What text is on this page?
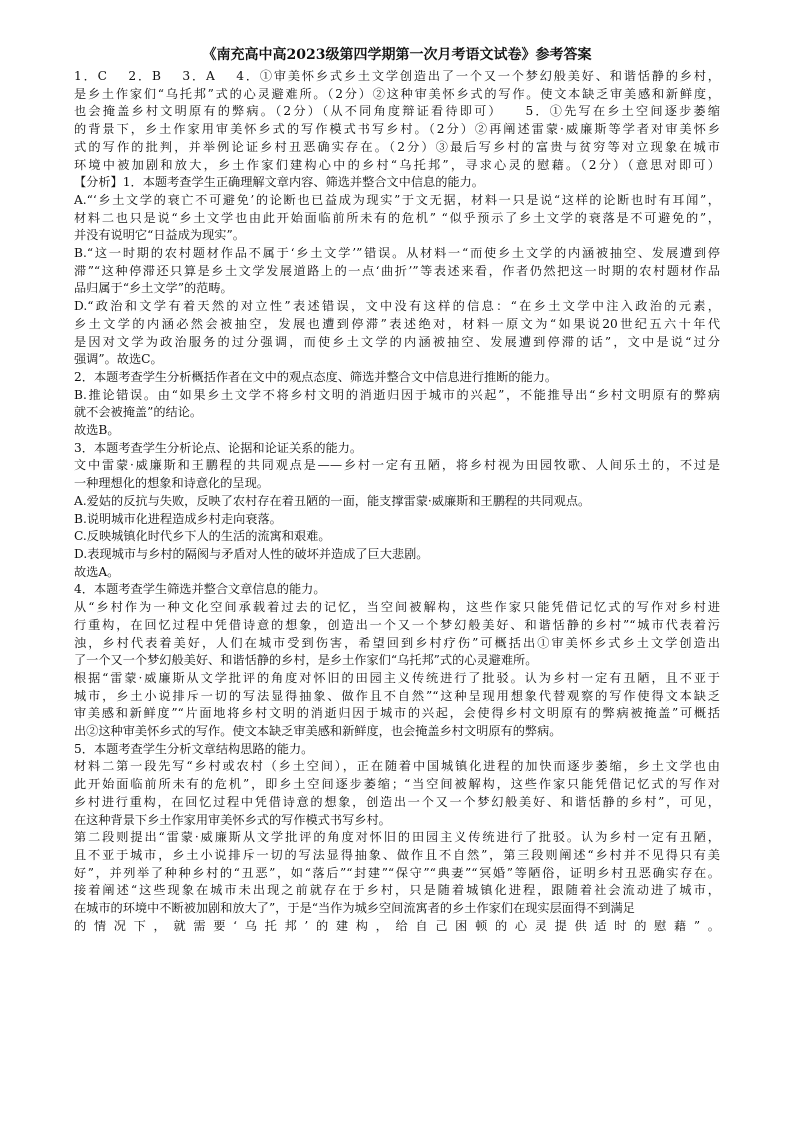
《南充高中高2023级第四学期第一次月考语文试卷》参考答案

1．C　 2．B　 3．A　 4．①审美怀乡式乡土文学创造出了一个又一个梦幻般美好、和谐恬静的乡村，

是乡土作家们“乌托邦”式的心灵避难所。（2分）②这种审美怀乡式的写作。使文本缺乏审美感和新鲜度，

也会掩盖乡村文明原有的弊病。（2分）（从不同角度辩证看待即可）　　5．①先写在乡土空间逐步萎缩

的背景下，乡土作家用审美怀乡式的写作模式书写乡村。（2分）②再阐述雷蒙·威廉斯等学者对审美怀乡

式的写作的批判，并举例论证乡村丑恶确实存在。（2分）③最后写乡村的富贵与贫穷等对立现象在城市

环境中被加剧和放大，乡土作家们建构心中的乡村“乌托邦”，寻求心灵的慰藉。（2分）（意思对即可）

【分析】1．本题考查学生正确理解文章内容、筛选并整合文中信息的能力。

A.“‘乡土文学的衰亡不可避免’的论断也已益成为现实”于文无据，材料一只是说“这样的论断也时有耳闻”，

材料二也只是说“乡土文学也由此开始面临前所未有的危机” “似乎预示了乡土文学的衰落是不可避免的”，

并没有说明它“日益成为现实”。

B.“这一时期的农村题材作品不属于‘乡土文学’”错误。从材料一“而使乡土文学的内涵被抽空、发展遭到停

滞”“这种停滞还只算是乡土文学发展道路上的一点‘曲折’”等表述来看，作者仍然把这一时期的农村题材作品

品归属于“乡土文学”的范畴。

D.“政治和文学有着天然的对立性”表述错误，文中没有这样的信息：“在乡土文学中注入政治的元素，

乡土文学的内涵必然会被抽空，发展也遭到停滞”表述绝对，材料一原文为“如果说20世纪五六十年代

是因对文学为政治服务的过分强调，而使乡土文学的内涵被抽空、发展遭到停滞的话”，文中是说“过分

强调”。故选C。

2．本题考查学生分析概括作者在文中的观点态度、筛选并整合文中信息进行推断的能力。

B.推论错误。由“如果乡土文学不将乡村文明的消逝归因于城市的兴起”，不能推导出“乡村文明原有的弊病

就不会被掩盖”的结论。

故选B。

3．本题考查学生分析论点、论据和论证关系的能力。

文中雷蒙·威廉斯和王鹏程的共同观点是——乡村一定有丑陋，将乡村视为田园牧歌、人间乐土的，不过是

一种理想化的想象和诗意化的呈现。

A.爱姑的反抗与失败，反映了农村存在着丑陋的一面，能支撑雷蒙·威廉斯和王鹏程的共同观点。

B.说明城市化进程造成乡村走向衰落。

C.反映城镇化时代乡下人的生活的流寓和艰难。

D.表现城市与乡村的隔阂与矛盾对人性的破坏并造成了巨大悲剧。

故选A。

4．本题考查学生筛选并整合文章信息的能力。

从“乡村作为一种文化空间承载着过去的记忆，当空间被解构，这些作家只能凭借记忆式的写作对乡村进

行重构，在回忆过程中凭借诗意的想象，创造出一个又一个梦幻般美好、和谐恬静的乡村”“城市代表着污

浊，乡村代表着美好，人们在城市受到伤害，希望回到乡村疗伤”可概括出①审美怀乡式乡土文学创造出

了一个又一个梦幻般美好、和谐恬静的乡村，是乡土作家们“乌托邦”式的心灵避难所。

根据“雷蒙·威廉斯从文学批评的角度对怀旧的田园主义传统进行了批驳。认为乡村一定有丑陋，且不亚于

城市，乡土小说排斥一切的写法显得抽象、做作且不自然”“这种呈现用想象代替观察的写作使得文本缺乏

审美感和新鲜度”“片面地将乡村文明的消逝归因于城市的兴起，会使得乡村文明原有的弊病被掩盖”可概括

出②这种审美怀乡式的写作。使文本缺乏审美感和新鲜度，也会掩盖乡村文明原有的弊病。

5．本题考查学生分析文章结构思路的能力。

材料二第一段先写“乡村或农村（乡土空间），正在随着中国城镇化进程的加快而逐步萎缩，乡土文学也由

此开始面临前所未有的危机”，即乡土空间逐步萎缩；“当空间被解构，这些作家只能凭借记忆式的写作对

乡村进行重构，在回忆过程中凭借诗意的想象，创造出一个又一个梦幻般美好、和谐恬静的乡村”，可见，

在这种背景下乡土作家用审美怀乡式的写作模式书写乡村。

第二段则提出“雷蒙·威廉斯从文学批评的角度对怀旧的田园主义传统进行了批驳。认为乡村一定有丑陋，

且不亚于城市，乡土小说排斥一切的写法显得抽象、做作且不自然”，第三段则阐述“乡村并不见得只有美

好”，并列举了种种乡村的“丑恶”，如“落后”“封建”“保守”“典妻”“冥婚”等陋俗，证明乡村丑恶确实存在。

接着阐述“这些现象在城市未出现之前就存在于乡村，只是随着城镇化进程，跟随着社会流动进了城市，

在城市的环境中不断被加剧和放大了”，于是“当作为城乡空间流寓者的乡土作家们在现实层面得不到满足

的情况下，就需要‘乌托邦’的建构，给自己困顿的心灵提供适时的慰藉”。
